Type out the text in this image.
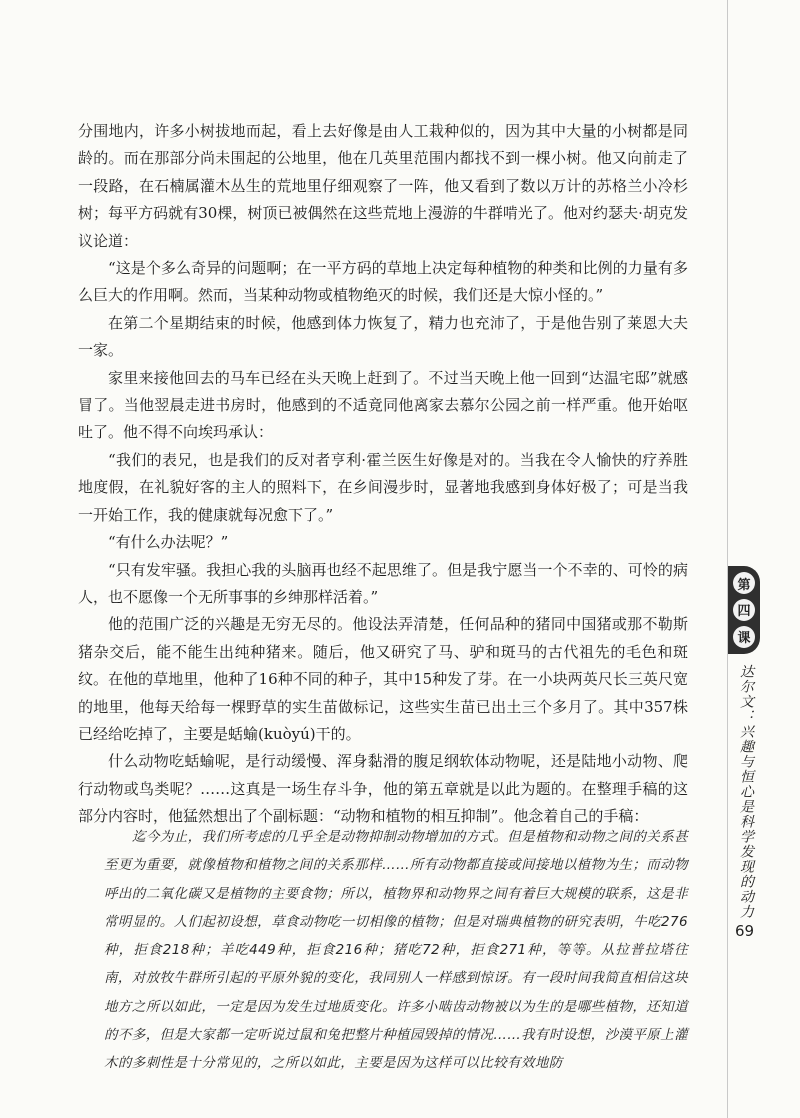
分围地内，许多小树拔地而起，看上去好像是由人工栽种似的，因为其中大量的小树都是同龄的。而在那部分尚未围起的公地里，他在几英里范围内都找不到一棵小树。他又向前走了一段路，在石楠属灌木丛生的荒地里仔细观察了一阵，他又看到了数以万计的苏格兰小冷杉树；每平方码就有30棵，树顶已被偶然在这些荒地上漫游的牛群啃光了。他对约瑟夫·胡克发议论道：

“这是个多么奇异的问题啊；在一平方码的草地上决定每种植物的种类和比例的力量有多么巨大的作用啊。然而，当某种动物或植物绝灭的时候，我们还是大惊小怪的。”

在第二个星期结束的时候，他感到体力恢复了，精力也充沛了，于是他告别了莱恩大夫一家。

家里来接他回去的马车已经在头天晚上赶到了。不过当天晚上他一回到“达温宅邸”就感冒了。当他翌晨走进书房时，他感到的不适竟同他离家去慕尔公园之前一样严重。他开始呕吐了。他不得不向埃玛承认：

“我们的表兄，也是我们的反对者亨利·霍兰医生好像是对的。当我在令人愉快的疗养胜地度假，在礼貌好客的主人的照料下，在乡间漫步时，显著地我感到身体好极了；可是当我一开始工作，我的健康就每况愈下了。”

“有什么办法呢？”

“只有发牢骚。我担心我的头脑再也经不起思维了。但是我宁愿当一个不幸的、可怜的病人，也不愿像一个无所事事的乡绅那样活着。”

他的范围广泛的兴趣是无穷无尽的。他设法弄清楚，任何品种的猪同中国猪或那不勒斯猪杂交后，能不能生出纯种猪来。随后，他又研究了马、驴和斑马的古代祖先的毛色和斑纹。在他的草地里，他种了16种不同的种子，其中15种发了芽。在一小块两英尺长三英尺宽的地里，他每天给每一棵野草的实生苗做标记，这些实生苗已出土三个多月了。其中357株已经给吃掉了，主要是蛞蝓(kuòyú)干的。

什么动物吃蛞蝓呢，是行动缓慢、浑身黏滑的腹足纲软体动物呢，还是陆地小动物、爬行动物或鸟类呢？……这真是一场生存斗争，他的第五章就是以此为题的。在整理手稿的这部分内容时，他猛然想出了个副标题：“动物和植物的相互抑制”。他念着自己的手稿：

迄今为止，我们所考虑的几乎全是动物抑制动物增加的方式。但是植物和动物之间的关系甚至更为重要，就像植物和植物之间的关系那样……所有动物都直接或间接地以植物为生；而动物呼出的二氧化碳又是植物的主要食物；所以，植物界和动物界之间有着巨大规模的联系，这是非常明显的。人们起初设想，草食动物吃一切相像的植物；但是对瑞典植物的研究表明，牛吃276种，拒食218种；羊吃449种，拒食216种；猪吃72种，拒食271种，等等。从拉普拉塔往南，对放牧牛群所引起的平原外貌的变化，我同别人一样感到惊讶。有一段时间我简直相信这块地方之所以如此，一定是因为发生过地质变化。许多小啮齿动物被以为生的是哪些植物，还知道的不多，但是大家都一定听说过鼠和兔把整片种植园毁掉的情况……我有时设想，沙漠平原上灌木的多刺性是十分常见的，之所以如此，主要是因为这样可以比较有效地防

第
四
课
达尔文：兴趣与恒心是科学发现的动力
69
